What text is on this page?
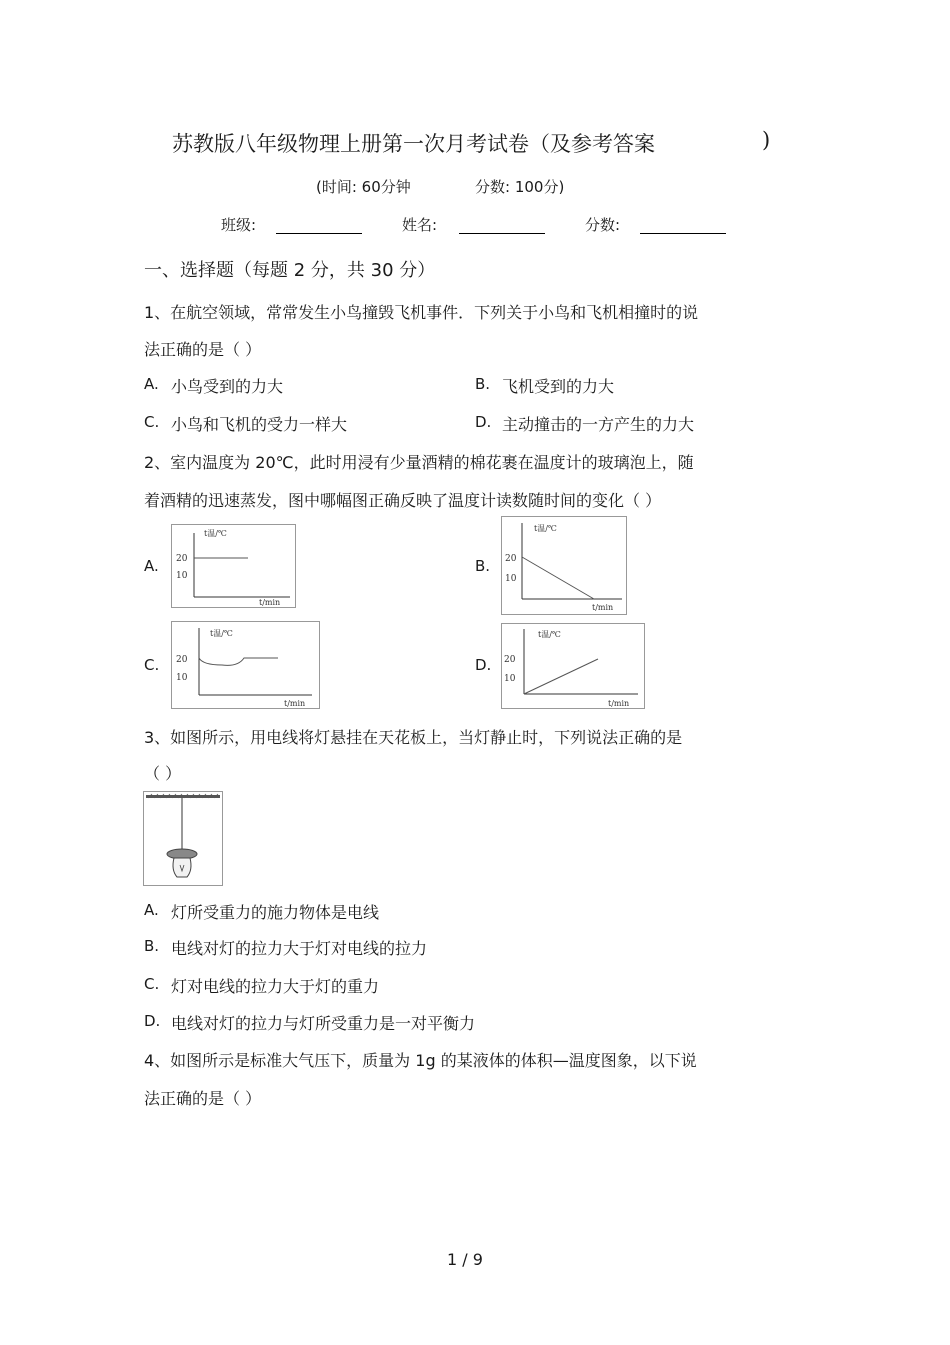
苏教版八年级物理上册第一次月考试卷（及参考答案	)
(时间: 60分钟	分数: 100分)
班级:	姓名:	分数:
一、选择题（每题 2 分，共 30 分）
1、在航空领域，常常发生小鸟撞毁飞机事件．下列关于小鸟和飞机相撞时的说
法正确的是（ ）
A. 小鸟受到的力大	B. 飞机受到的力大
C. 小鸟和飞机的受力一样大	D. 主动撞击的一方产生的力大
2、室内温度为 20℃，此时用浸有少量酒精的棉花裹在温度计的玻璃泡上，随
着酒精的迅速蒸发，图中哪幅图正确反映了温度计读数随时间的变化（ ）
A.
t温/℃
t/min
20
10
B.
t温/℃
t/min
20
10
C.
t温/℃
t/min
20
10
D.
t温/℃
t/min
20
10
3、如图所示，用电线将灯悬挂在天花板上，当灯静止时，下列说法正确的是
（ ）
A. 灯所受重力的施力物体是电线
B. 电线对灯的拉力大于灯对电线的拉力
C. 灯对电线的拉力大于灯的重力
D. 电线对灯的拉力与灯所受重力是一对平衡力
4、如图所示是标准大气压下，质量为 1g 的某液体的体积—温度图象，以下说
法正确的是（ ）
1 / 9
